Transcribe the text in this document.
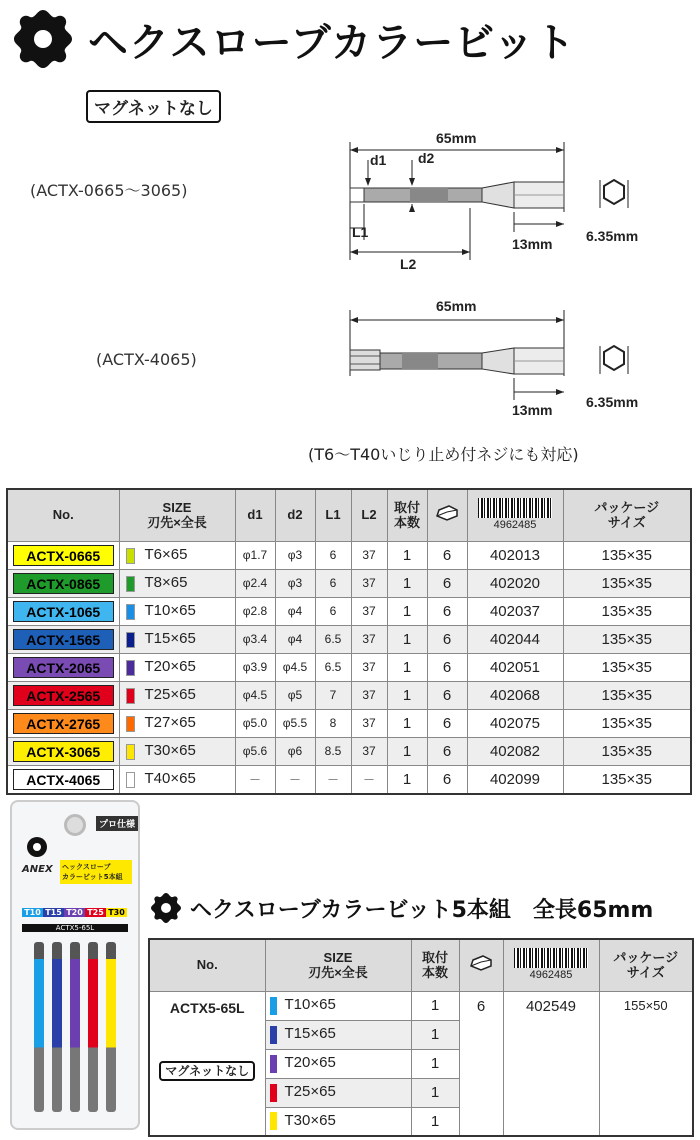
ヘクスローブカラービット
マグネットなし
(ACTX-0665～3065)
(ACTX-4065)
65mm
d1 d2
L1
L2
13mm 6.35mm
65mm
13mm 6.35mm
(T6～T40いじり止め付ネジにも対応)
No.	SIZE
刃先×全長	d1	d2	L1	L2	取付
本数		4962485	パッケージ
サイズ

ACTX-0665	T6×65	φ1.7	φ3	6	37	1	6	402013	135×35

ACTX-0865	T8×65	φ2.4	φ3	6	37	1	6	402020	135×35

ACTX-1065	T10×65	φ2.8	φ4	6	37	1	6	402037	135×35

ACTX-1565	T15×65	φ3.4	φ4	6.5	37	1	6	402044	135×35

ACTX-2065	T20×65	φ3.9	φ4.5	6.5	37	1	6	402051	135×35

ACTX-2565	T25×65	φ4.5	φ5	7	37	1	6	402068	135×35

ACTX-2765	T27×65	φ5.0	φ5.5	8	37	1	6	402075	135×35

ACTX-3065	T30×65	φ5.6	φ6	8.5	37	1	6	402082	135×35

ACTX-4065	T40×65	－	－	－	－	1	6	402099	135×35
プロ仕様
ANEX ヘックスローブ
カラービット5本組
T10 T15 T20 T25 T30
ACTX5-65L
ヘクスローブカラービット5本組　全長65mm
No.	SIZE
刃先×全長	取付
本数		4962485	パッケージ
サイズ

ACTX5-65L
マグネットなし	T10×65	1	6	402549	155×50
	T15×65	1			
	T20×65	1			
	T25×65	1			
	T30×65	1			
